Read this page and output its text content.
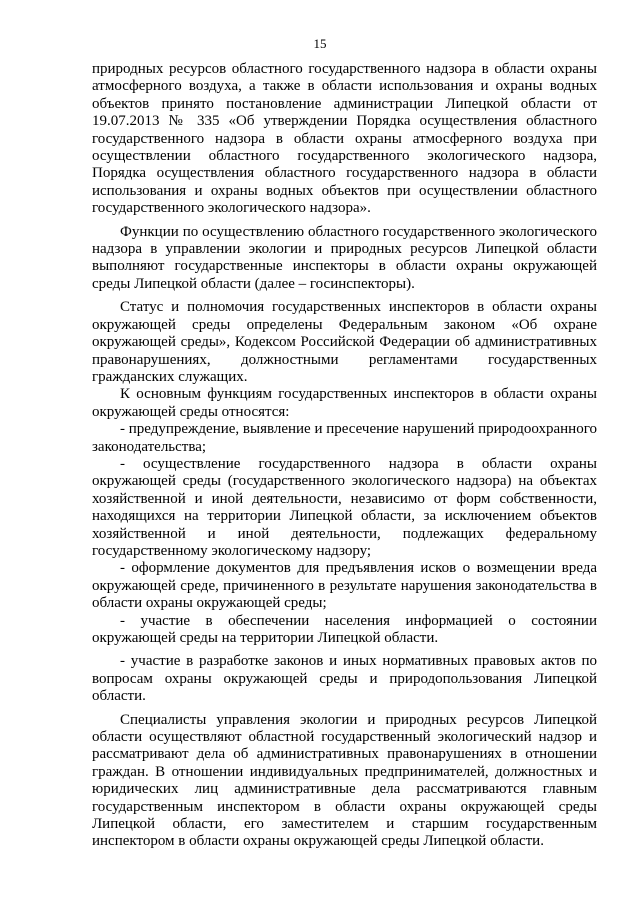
15

природных ресурсов областного государственного надзора в области охраны атмосферного воздуха, а также в области использования и охраны водных объектов принято постановление администрации Липецкой области от 19.07.2013 № 335 «Об утверждении Порядка осуществления областного государственного надзора в области охраны атмосферного воздуха при осуществлении областного государственного экологического надзора, Порядка осуществления областного государственного надзора в области использования и охраны водных объектов при осуществлении областного государственного экологического надзора».

Функции по осуществлению областного государственного экологического надзора в управлении экологии и природных ресурсов Липецкой области выполняют государственные инспекторы в области охраны окружающей среды Липецкой области (далее – госинспекторы).

Статус и полномочия государственных инспекторов в области охраны окружающей среды определены Федеральным законом «Об охране окружающей среды», Кодексом Российской Федерации об административных правонарушениях, должностными регламентами государственных гражданских служащих.

К основным функциям государственных инспекторов в области охраны окружающей среды относятся:

- предупреждение, выявление и пресечение нарушений природоохранного законодательства;

- осуществление государственного надзора в области охраны окружающей среды (государственного экологического надзора) на объектах хозяйственной и иной деятельности, независимо от форм собственности, находящихся на территории Липецкой области, за исключением объектов хозяйственной и иной деятельности, подлежащих федеральному государственному экологическому надзору;

- оформление документов для предъявления исков о возмещении вреда окружающей среде, причиненного в результате нарушения законодательства в области охраны окружающей среды;

- участие в обеспечении населения информацией о состоянии окружающей среды на территории Липецкой области.

- участие в разработке законов и иных нормативных правовых актов по вопросам охраны окружающей среды и природопользования Липецкой области.

Специалисты управления экологии и природных ресурсов Липецкой области осуществляют областной государственный экологический надзор и рассматривают дела об административных правонарушениях в отношении граждан. В отношении индивидуальных предпринимателей, должностных и юридических лиц административные дела рассматриваются главным государственным инспектором в области охраны окружающей среды Липецкой области, его заместителем и старшим государственным инспектором в области охраны окружающей среды Липецкой области.
